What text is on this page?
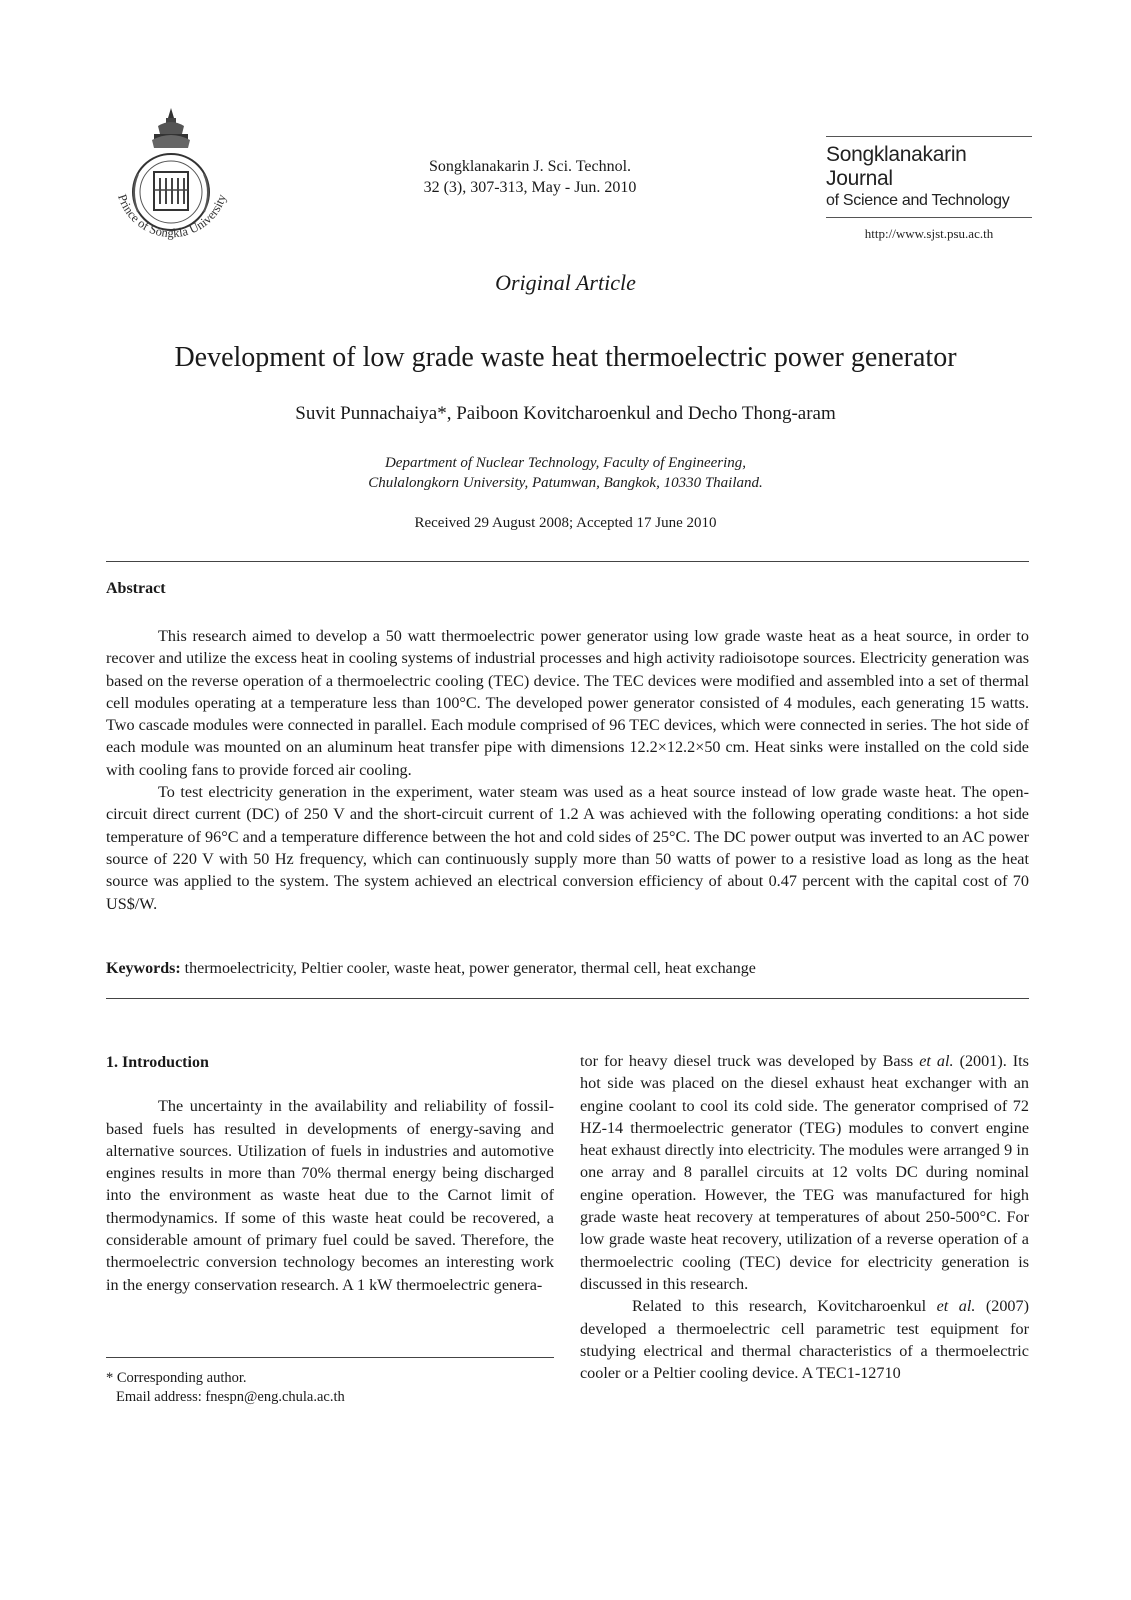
Prince of Songkla University
Songklanakarin J. Sci. Technol.
32 (3), 307-313, May - Jun. 2010
Songklanakarin Journal
of Science and Technology
http://www.sjst.psu.ac.th
Original Article
Development of low grade waste heat thermoelectric power generator
Suvit Punnachaiya*, Paiboon Kovitcharoenkul and Decho Thong-aram
Department of Nuclear Technology, Faculty of Engineering,
Chulalongkorn University, Patumwan, Bangkok, 10330 Thailand.
Received 29 August 2008; Accepted 17 June 2010
Abstract

This research aimed to develop a 50 watt thermoelectric power generator using low grade waste heat as a heat source, in order to recover and utilize the excess heat in cooling systems of industrial processes and high activity radioisotope sources. Electricity generation was based on the reverse operation of a thermoelectric cooling (TEC) device. The TEC devices were modified and assembled into a set of thermal cell modules operating at a temperature less than 100°C. The developed power generator consisted of 4 modules, each generating 15 watts. Two cascade modules were connected in parallel. Each module comprised of 96 TEC devices, which were connected in series. The hot side of each module was mounted on an aluminum heat transfer pipe with dimensions 12.2×12.2×50 cm. Heat sinks were installed on the cold side with cooling fans to provide forced air cooling.

To test electricity generation in the experiment, water steam was used as a heat source instead of low grade waste heat. The open-circuit direct current (DC) of 250 V and the short-circuit current of 1.2 A was achieved with the following operating conditions: a hot side temperature of 96°C and a temperature difference between the hot and cold sides of 25°C. The DC power output was inverted to an AC power source of 220 V with 50 Hz frequency, which can continuously supply more than 50 watts of power to a resistive load as long as the heat source was applied to the system. The system achieved an electrical conversion efficiency of about 0.47 percent with the capital cost of 70 US$/W.

Keywords: thermoelectricity, Peltier cooler, waste heat, power generator, thermal cell, heat exchange

1. Introduction

The uncertainty in the availability and reliability of fossil-based fuels has resulted in developments of energy-saving and alternative sources. Utilization of fuels in industries and automotive engines results in more than 70% thermal energy being discharged into the environment as waste heat due to the Carnot limit of thermodynamics. If some of this waste heat could be recovered, a considerable amount of primary fuel could be saved. Therefore, the thermoelectric conversion technology becomes an interesting work in the energy conservation research. A 1 kW thermoelectric genera-

tor for heavy diesel truck was developed by Bass et al. (2001). Its hot side was placed on the diesel exhaust heat exchanger with an engine coolant to cool its cold side. The generator comprised of 72 HZ-14 thermoelectric generator (TEG) modules to convert engine heat exhaust directly into electricity. The modules were arranged 9 in one array and 8 parallel circuits at 12 volts DC during nominal engine operation. However, the TEG was manufactured for high grade waste heat recovery at temperatures of about 250-500°C. For low grade waste heat recovery, utilization of a reverse operation of a thermoelectric cooling (TEC) device for electricity generation is discussed in this research.

Related to this research, Kovitcharoenkul et al. (2007) developed a thermoelectric cell parametric test equipment for studying electrical and thermal characteristics of a thermoelectric cooler or a Peltier cooling device. A TEC1-12710

* Corresponding author.
Email address: fnespn@eng.chula.ac.th
